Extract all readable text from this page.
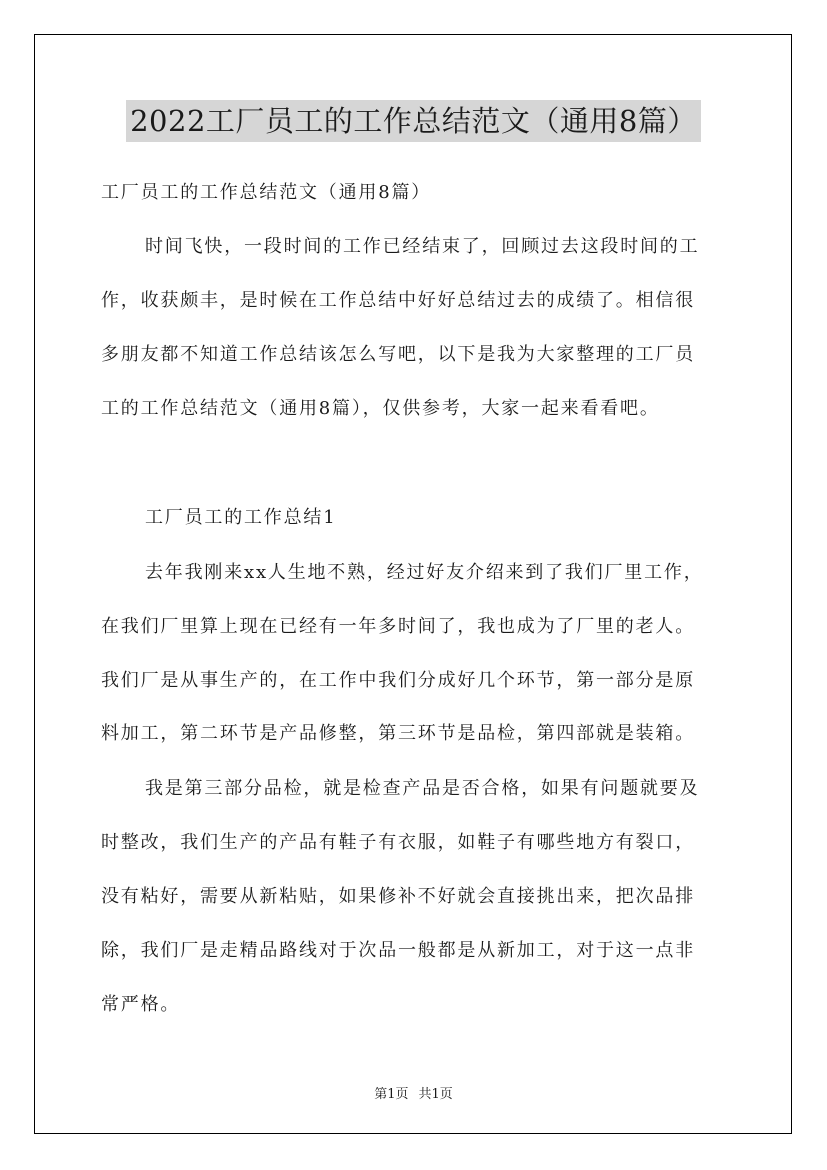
2022工厂员工的工作总结范文（通用8篇）
工厂员工的工作总结范文（通用8篇）
时间飞快，一段时间的工作已经结束了，回顾过去这段时间的工
作，收获颇丰，是时候在工作总结中好好总结过去的成绩了。相信很
多朋友都不知道工作总结该怎么写吧，以下是我为大家整理的工厂员
工的工作总结范文（通用8篇），仅供参考，大家一起来看看吧。
工厂员工的工作总结1
去年我刚来xx人生地不熟，经过好友介绍来到了我们厂里工作，
在我们厂里算上现在已经有一年多时间了，我也成为了厂里的老人。
我们厂是从事生产的，在工作中我们分成好几个环节，第一部分是原
料加工，第二环节是产品修整，第三环节是品检，第四部就是装箱。
我是第三部分品检，就是检查产品是否合格，如果有问题就要及
时整改，我们生产的产品有鞋子有衣服，如鞋子有哪些地方有裂口，
没有粘好，需要从新粘贴，如果修补不好就会直接挑出来，把次品排
除，我们厂是走精品路线对于次品一般都是从新加工，对于这一点非
常严格。
第1页 共1页
